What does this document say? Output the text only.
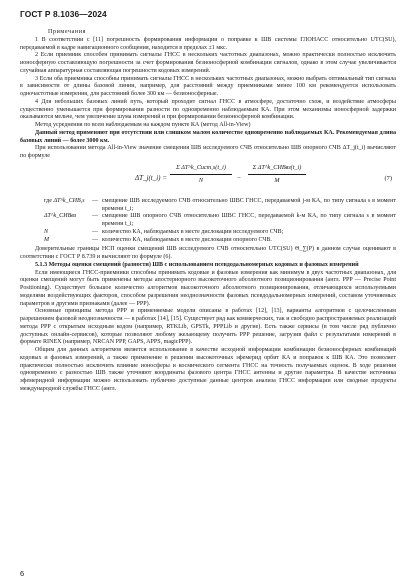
ГОСТ Р 8.1036—2024

Примечания

1 В соответствии с [11] погрешность формирования информации о поправке к ШВ системы ГЛОНАСС относительно UTC(SU), передаваемой в кадре навигационного сообщения, находится в пределах ±1 мкс.

2 Если приемник способен принимать сигналы ГНСС в нескольких частотных диапазонах, можно практически полностью исключить ионосферную составляющую погрешности за счет формирования безионосферной комбинации сигналов, однако в этом случае увеличивается случайная аппаратурная составляющая погрешности кодовых измерений.

3 Если оба приемника способны принимать сигналы ГНСС в нескольких частотных диапазонах, можно выбрать оптимальный тип сигнала в зависимости от длины базовой линии, например, для расстояний между приемниками менее 100 км рекомендуется использовать одночастотные измерения, для расстояний более 300 км — безионосферные.

4 Для небольших базовых линий путь, который проходит сигнал ГНСС в атмосфере, достаточно схож, и воздействие атмосферы существенно уменьшается при формировании разности по одновременно наблюдаемым КА. При этом механизмы ионосферной задержки оказываются мельче, чем увеличение шума измерений и при формировании безионосферной комбинации.

Метод усреднения по всем наблюдаемым на каждом пункте КА (метод All-in-View)

Данный метод применяют при отсутствии или слишком малом количестве одновременно наблюдаемых КА. Рекомендуемая длина базовых линий — более 3000 км.

При использовании метода All-in-View значение смещения ШВ исследуемого СЧВ относительно ШВ опорного СЧВ ΔT_j(t_i) вычисляют по формуле

ΔT_j(t_i) =
Σ ΔT^k_Сист,s(t_i)
N	−
Σ ΔT^k_СИВвз(t_i)
M	(7)
где ΔT^k_СИВ,s	— смещение ШВ исследуемого СЧВ относительно ШВС ГНСС, передаваемой j-м КА, по типу сигнала s в момент времени t_i;
ΔT^k_СИВвз	— смещение ШВ опорного СЧВ относительно ШВС ГНСС, передаваемой k-м КА, по типу сигнала s в момент времени t_i;
N	— количество КА, наблюдаемых в месте дислокации исследуемого СЧВ;
M	— количество КА, наблюдаемых в месте дислокации опорного СЧВ.

Доверительные границы НСП оценки смещений ШВ исследуемого СЧВ относительно UTC(SU) Θ_∑(P) в данном случае оценивают в соответствии с ГОСТ Р 8.739 и вычисляют по формуле (6).

5.1.3 Методы оценки смещений (разности) ШВ с использованием псевдодальномерных кодовых и фазовых измерений

Если имеющиеся ГНСС-приемники способны принимать кодовые и фазовые измерения как минимум в двух частотных диапазонах, для оценки смещений могут быть применены методы апостериорного высокоточного абсолютного позиционирования (англ. PPP — Precise Point Positioning). Существует большое количество алгоритмов высокоточного абсолютного позиционирования, отличающихся используемыми моделями воздействующих факторов, способом разрешения неоднозначности фазовых псевдодальномерных измерений, составом уточняемых параметров и другими признаками (далее — PPP).

Основные принципы метода PPP и применяемые модели описаны в работах [12], [13], варианты алгоритмов с целочисленным разрешением фазовой неоднозначности — в работах [14], [15]. Существует ряд как коммерческих, так и свободно распространяемых реализаций метода PPP с открытым исходным кодом (например, RTKLib, GPSTk, PPPLib и другие). Есть также сервисы (в том числе ряд публично доступных онлайн-сервисов), которые позволяют любому желающему получить PPP решение, загрузив файл с результатами измерений в формате RINEX (например, NRCAN PPP, GAPS, APPS, magicPPP).

Общим для данных алгоритмов является использование в качестве исходной информации комбинации безионосферных комбинаций кодовых и фазовых измерений, а также применение в решении высокоточных эфемерид орбит КА и поправок к ШВ КА. Это позволяет практически полностью исключить влияние ионосферы и космического сегмента ГНСС на точность получаемых оценок. В ходе решения одновременно с разностью ШВ также уточняют координаты фазового центра ГНСС антенны и другие параметры. В качестве источника эфемеридной информации можно использовать публично доступные данные центров анализа ГНСС информации или сводные продукты международной службы ГНСС (англ.

6
